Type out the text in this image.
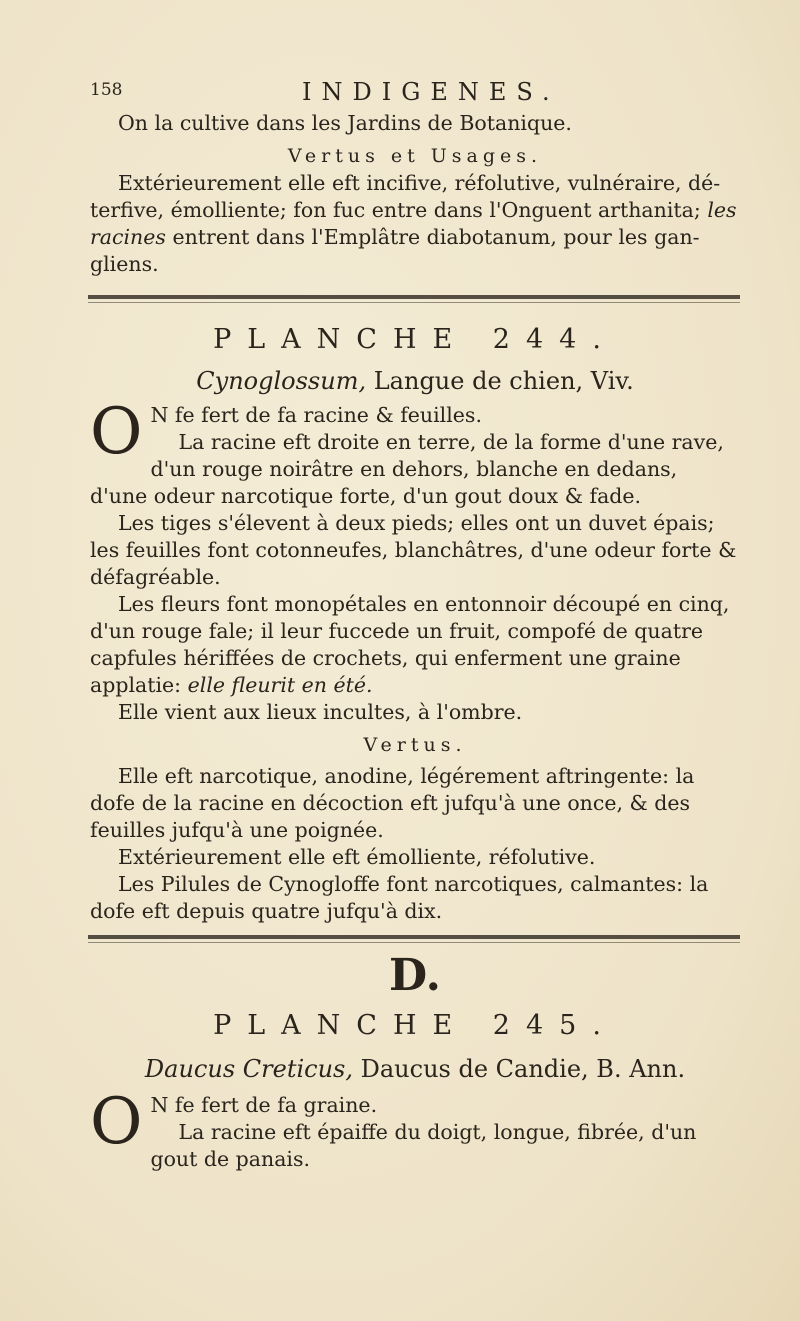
158	INDIGENES.
On la cultive dans les Jardins de Botanique.
Vertus et Usages.
Extérieurement elle eft incifive, réfolutive, vulnéraire, dé-terfive, émolliente; fon fuc entre dans l'Onguent arthanita; les racines entrent dans l'Emplâtre diabotanum, pour les gan-gliens.
PLANCHE 244.
Cynoglossum, Langue de chien, Viv.
O N fe fert de fa racine & feuilles.
La racine eft droite en terre, de la forme d'une rave, d'un rouge noirâtre en dehors, blanche en dedans, d'une odeur narcotique forte, d'un gout doux & fade.
Les tiges s'élevent à deux pieds; elles ont un duvet épais; les feuilles font cotonneufes, blanchâtres, d'une odeur forte & défagréable.
Les fleurs font monopétales en entonnoir découpé en cinq, d'un rouge fale; il leur fuccede un fruit, compofé de quatre capfules hériffées de crochets, qui enferment une graine applatie: elle fleurit en été.
Elle vient aux lieux incultes, à l'ombre.
Vertus.
Elle eft narcotique, anodine, légérement aftringente: la dofe de la racine en décoction eft jufqu'à une once, & des feuilles jufqu'à une poignée.
Extérieurement elle eft émolliente, réfolutive.
Les Pilules de Cynogloffe font narcotiques, calmantes: la dofe eft depuis quatre jufqu'à dix.
D.
PLANCHE 245.
Daucus Creticus, Daucus de Candie, B. Ann.
O N fe fert de fa graine.
La racine eft épaiffe du doigt, longue, fibrée, d'un gout de panais.
